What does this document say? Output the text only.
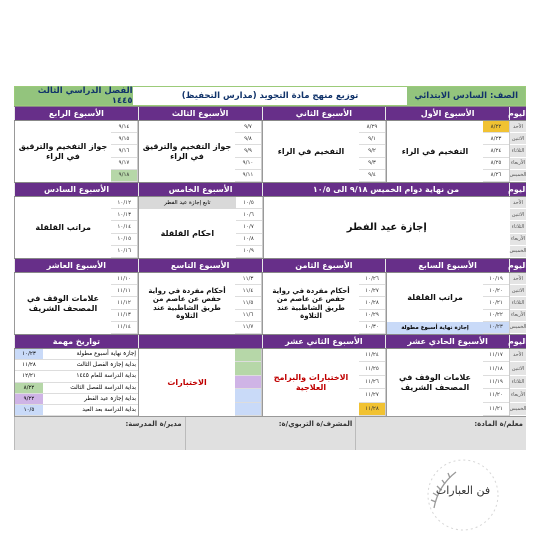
الصف: السادس الابتدائي
توزيع منهج مادة التجويد (مدارس التحفيظ)
الفصل الدراسي الثالث ١٤٤٥
اليوم
الأسبوع الأول
الأسبوع الثاني
الأسبوع الثالث
الأسبوع الرابع
الأحد
الاثنين
الثلاثاء
الأربعاء
الخميس
٨/٢٢
٨/٢٣
٨/٢٤
٨/٢٥
٨/٢٦
التفخيم في الراء
٨/٢٩
٩/١
٩/٢
٩/٣
٩/٤
التفخيم في الراء
٩/٧
٩/٨
٩/٩
٩/١٠
٩/١١
جواز التفخيم والترقيق في الراء
٩/١٤
٩/١٥
٩/١٦
٩/١٧
٩/١٨
جواز التفخيم والترقيق في الراء
اليوم
من نهاية دوام الخميس ٩/١٨ الى ١٠/٥
الأسبوع الخامس
الأسبوع السادس
الأحد
الاثنين
الثلاثاء
الأربعاء
الخميس
إجازة عيد الفطر
١٠/٥
١٠/٦
١٠/٧
١٠/٨
١٠/٩
تابع إجازة عيد الفطر
احكام القلقلة
١٠/١٢
١٠/١٣
١٠/١٤
١٠/١٥
١٠/١٦
مراتب القلقلة
اليوم
الأسبوع السابع
الأسبوع الثامن
الأسبوع التاسع
الأسبوع العاشر
الأحد
الاثنين
الثلاثاء
الأربعاء
الخميس
١٠/١٩
١٠/٢٠
١٠/٢١
١٠/٢٢
١٠/٢٣
مراتب القلقلة
إجازة نهاية أسبوع مطولة
١٠/٢٦
١٠/٢٧
١٠/٢٨
١٠/٢٩
١٠/٣٠
أحكام مفردة في رواية حفص عن عاصم من طريق الشاطبية عند التلاوة
١١/٣
١١/٤
١١/٥
١١/٦
١١/٧
أحكام مفردة في رواية حفص عن عاصم من طريق الشاطبية عند التلاوة
١١/١٠
١١/١١
١١/١٢
١١/١٣
١١/١٤
علامات الوقف في المصحف الشريف
اليوم
الأسبوع الحادي عشر
الأسبوع الثاني عشر
تواريخ مهمة
الأحد
الاثنين
الثلاثاء
الأربعاء
الخميس
١١/١٧
١١/١٨
١١/١٩
١١/٢٠
١١/٢١
علامات الوقف في المصحف الشريف
١١/٢٤
١١/٢٥
١١/٢٦
١١/٢٧
١١/٢٨
الاختبارات والبرامج العلاجية
الاختبارات
إجازة نهاية أسبوع مطولة
١٠/٢٣
بداية إجازة الفصل الثالث
١١/٢٨
بداية الدراسة للعام ١٤٤٥
١٢/٢١
بداية الدراسة للفصل الثالث
٨/٢٢
بداية إجازة عيد الفطر
٩/٢٢
بداية الدراسة بعد العيد
١٠/٥
معلم/ة المادة:
المشرف/ة التربوي/ة:
مدير/ة المدرسة:
فن العبارات
